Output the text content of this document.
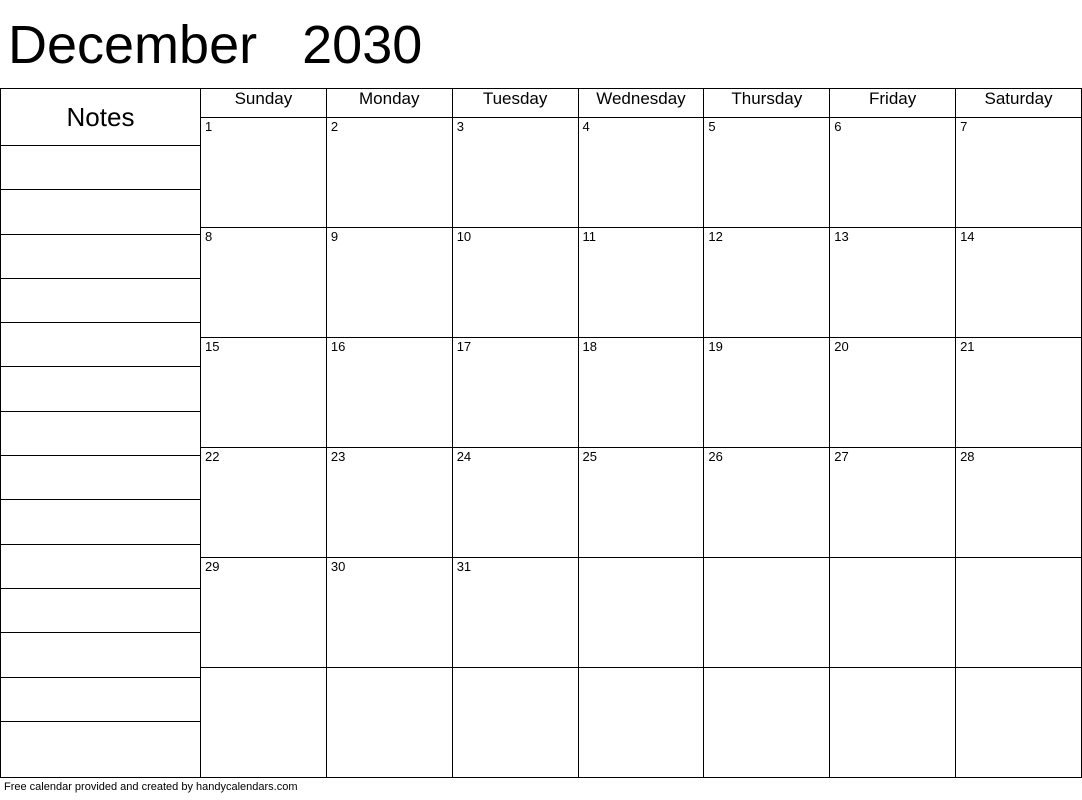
December 2030
Notes	Sunday	Monday	Tuesday	Wednesday	Thursday	Friday	Saturday

	1	2	3	4	5	6	7

	8	9	10	11	12	13	14

	15	16	17	18	19	20	21

	22	23	24	25	26	27	28

	29	30	31				

Free calendar provided and created by handycalendars.com
